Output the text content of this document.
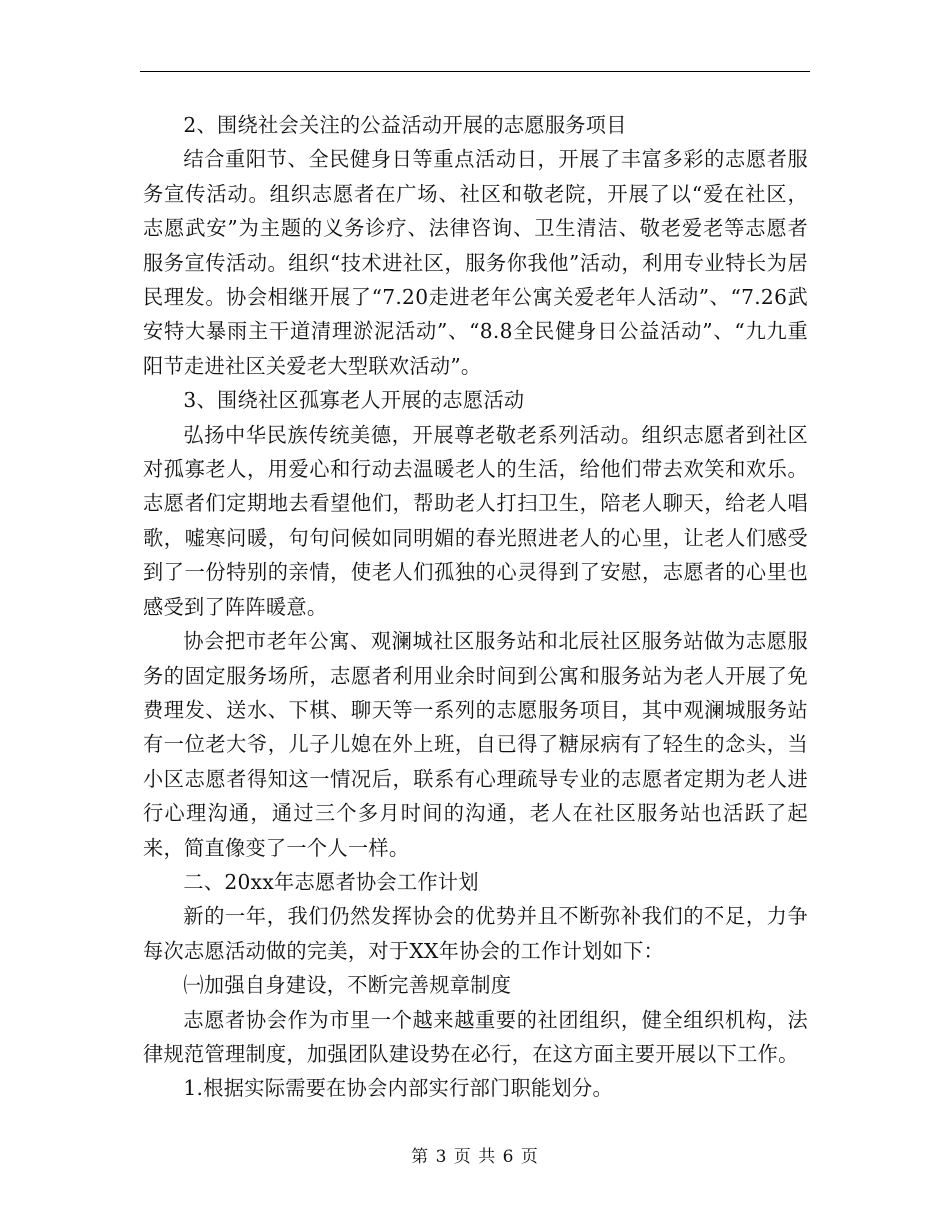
2、围绕社会关注的公益活动开展的志愿服务项目

结合重阳节、全民健身日等重点活动日，开展了丰富多彩的志愿者服务宣传活动。组织志愿者在广场、社区和敬老院，开展了以“爱在社区，志愿武安”为主题的义务诊疗、法律咨询、卫生清洁、敬老爱老等志愿者服务宣传活动。组织“技术进社区，服务你我他”活动，利用专业特长为居民理发。协会相继开展了“7.20走进老年公寓关爱老年人活动”、“7.26武安特大暴雨主干道清理淤泥活动”、“8.8全民健身日公益活动”、“九九重阳节走进社区关爱老大型联欢活动”。

3、围绕社区孤寡老人开展的志愿活动

弘扬中华民族传统美德，开展尊老敬老系列活动。组织志愿者到社区对孤寡老人，用爱心和行动去温暖老人的生活，给他们带去欢笑和欢乐。志愿者们定期地去看望他们，帮助老人打扫卫生，陪老人聊天，给老人唱歌，嘘寒问暖，句句问候如同明媚的春光照进老人的心里，让老人们感受到了一份特别的亲情，使老人们孤独的心灵得到了安慰，志愿者的心里也感受到了阵阵暖意。

协会把市老年公寓、观澜城社区服务站和北辰社区服务站做为志愿服务的固定服务场所，志愿者利用业余时间到公寓和服务站为老人开展了免费理发、送水、下棋、聊天等一系列的志愿服务项目，其中观澜城服务站有一位老大爷，儿子儿媳在外上班，自已得了糖尿病有了轻生的念头，当小区志愿者得知这一情况后，联系有心理疏导专业的志愿者定期为老人进行心理沟通，通过三个多月时间的沟通，老人在社区服务站也活跃了起来，简直像变了一个人一样。

二、20xx年志愿者协会工作计划

新的一年，我们仍然发挥协会的优势并且不断弥补我们的不足，力争每次志愿活动做的完美，对于XX年协会的工作计划如下：

㈠加强自身建设，不断完善规章制度

志愿者协会作为市里一个越来越重要的社团组织，健全组织机构，法律规范管理制度，加强团队建设势在必行，在这方面主要开展以下工作。

1.根据实际需要在协会内部实行部门职能划分。

第 3 页 共 6 页
